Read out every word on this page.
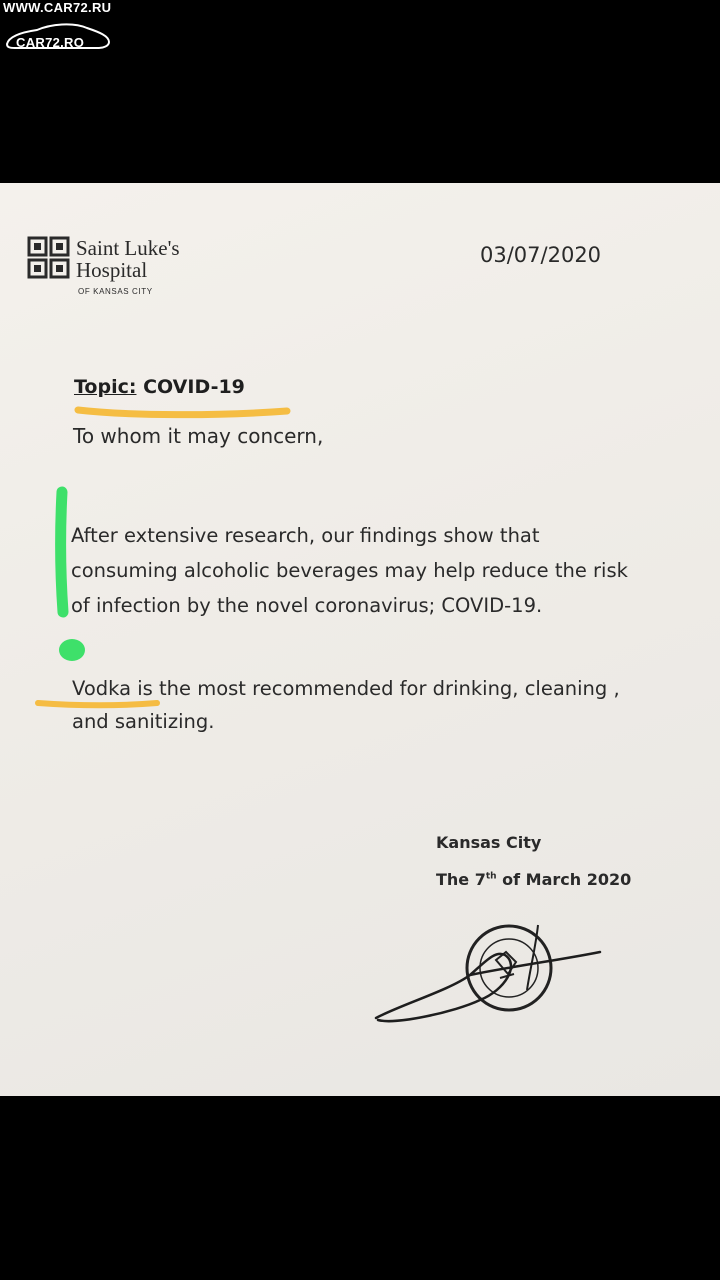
WWW.CAR72.RU
CAR72.RO
Saint Luke's
Hospital
OF KANSAS CITY
03/07/2020
Topic: COVID-19
To whom it may concern,
After extensive research, our findings show that
consuming alcoholic beverages may help reduce the risk
of infection by the novel coronavirus; COVID-19.
Vodka is the most recommended for drinking, cleaning ,
and sanitizing.
Kansas City
The 7th of March 2020
